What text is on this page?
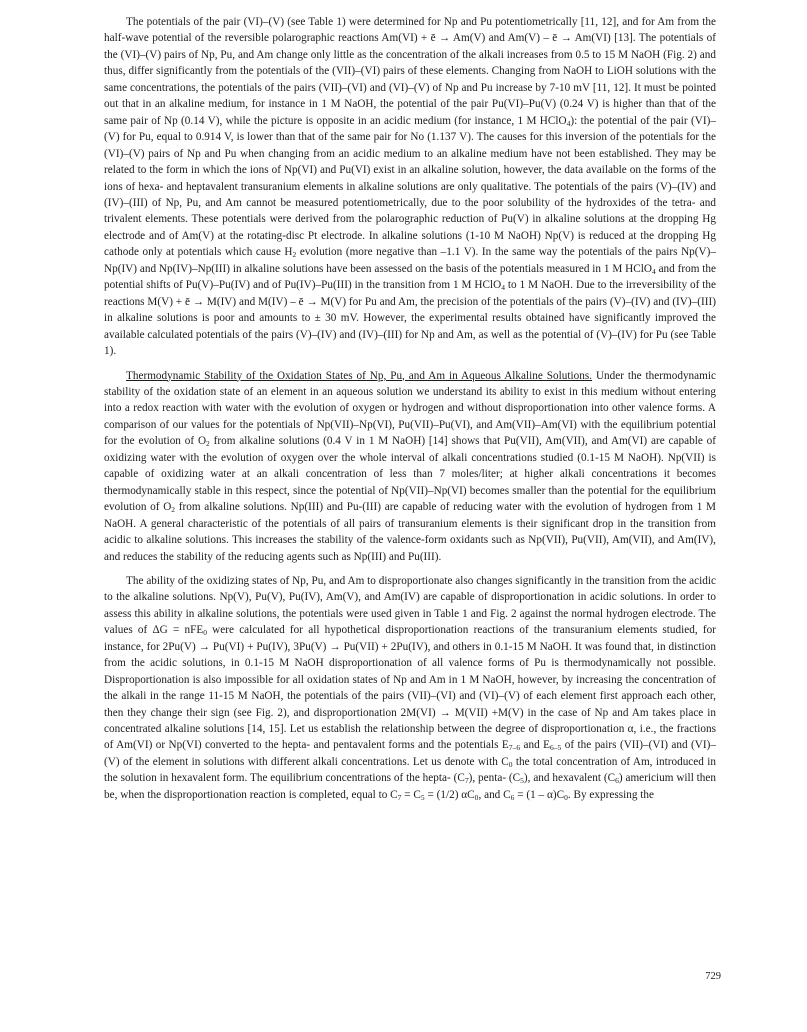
The potentials of the pair (VI)–(V) (see Table 1) were determined for Np and Pu potentiometrically [11, 12], and for Am from the half-wave potential of the reversible polarographic reactions Am(VI) + ē → Am(V) and Am(V) – ē → Am(VI) [13]. The potentials of the (VI)–(V) pairs of Np, Pu, and Am change only little as the concentration of the alkali increases from 0.5 to 15 M NaOH (Fig. 2) and thus, differ significantly from the potentials of the (VII)–(VI) pairs of these elements. Changing from NaOH to LiOH solutions with the same concentrations, the potentials of the pairs (VII)–(VI) and (VI)–(V) of Np and Pu increase by 7-10 mV [11, 12]. It must be pointed out that in an alkaline medium, for instance in 1 M NaOH, the potential of the pair Pu(VI)–Pu(V) (0.24 V) is higher than that of the same pair of Np (0.14 V), while the picture is opposite in an acidic medium (for instance, 1 M HClO$_4$): the potential of the pair (VI)–(V) for Pu, equal to 0.914 V, is lower than that of the same pair for No (1.137 V). The causes for this inversion of the potentials for the (VI)–(V) pairs of Np and Pu when changing from an acidic medium to an alkaline medium have not been established. They may be related to the form in which the ions of Np(VI) and Pu(VI) exist in an alkaline solution, however, the data available on the forms of the ions of hexa- and heptavalent transuranium elements in alkaline solutions are only qualitative. The potentials of the pairs (V)–(IV) and (IV)–(III) of Np, Pu, and Am cannot be measured potentiometrically, due to the poor solubility of the hydroxides of the tetra- and trivalent elements. These potentials were derived from the polarographic reduction of Pu(V) in alkaline solutions at the dropping Hg electrode and of Am(V) at the rotating-disc Pt electrode. In alkaline solutions (1-10 M NaOH) Np(V) is reduced at the dropping Hg cathode only at potentials which cause $H_2$ evolution (more negative than –1.1 V). In the same way the potentials of the pairs Np(V)–Np(IV) and Np(IV)–Np(III) in alkaline solutions have been assessed on the basis of the potentials measured in 1 M HClO$_4$ and from the potential shifts of Pu(V)–Pu(IV) and of Pu(IV)–Pu(III) in the transition from 1 M HClO$_4$ to 1 M NaOH. Due to the irreversibility of the reactions M(V) + ē → M(IV) and M(IV) – ē → M(V) for Pu and Am, the precision of the potentials of the pairs (V)–(IV) and (IV)–(III) in alkaline solutions is poor and amounts to ± 30 mV. However, the experimental results obtained have significantly improved the available calculated potentials of the pairs (V)–(IV) and (IV)–(III) for Np and Am, as well as the potential of (V)–(IV) for Pu (see Table 1).

Thermodynamic Stability of the Oxidation States of Np, Pu, and Am in Aqueous Alkaline Solutions. Under the thermodynamic stability of the oxidation state of an element in an aqueous solution we understand its ability to exist in this medium without entering into a redox reaction with water with the evolution of oxygen or hydrogen and without disproportionation into other valence forms. A comparison of our values for the potentials of Np(VII)–Np(VI), Pu(VII)–Pu(VI), and Am(VII)–Am(VI) with the equilibrium potential for the evolution of $O_2$ from alkaline solutions (0.4 V in 1 M NaOH) [14] shows that Pu(VII), Am(VII), and Am(VI) are capable of oxidizing water with the evolution of oxygen over the whole interval of alkali concentrations studied (0.1-15 M NaOH). Np(VII) is capable of oxidizing water at an alkali concentration of less than 7 moles/liter; at higher alkali concentrations it becomes thermodynamically stable in this respect, since the potential of Np(VII)–Np(VI) becomes smaller than the potential for the equilibrium evolution of $O_2$ from alkaline solutions. Np(III) and Pu-(III) are capable of reducing water with the evolution of hydrogen from 1 M NaOH. A general characteristic of the potentials of all pairs of transuranium elements is their significant drop in the transition from acidic to alkaline solutions. This increases the stability of the valence-form oxidants such as Np(VII), Pu(VII), Am(VII), and Am(IV), and reduces the stability of the reducing agents such as Np(III) and Pu(III).

The ability of the oxidizing states of Np, Pu, and Am to disproportionate also changes significantly in the transition from the acidic to the alkaline solutions. Np(V), Pu(V), Pu(IV), Am(V), and Am(IV) are capable of disproportionation in acidic solutions. In order to assess this ability in alkaline solutions, the potentials were used given in Table 1 and Fig. 2 against the normal hydrogen electrode. The values of ΔG = nFE$_0$ were calculated for all hypothetical disproportionation reactions of the transuranium elements studied, for instance, for 2Pu(V) → Pu(VI) + Pu(IV), 3Pu(V) → Pu(VII) + 2Pu(IV), and others in 0.1-15 M NaOH. It was found that, in distinction from the acidic solutions, in 0.1-15 M NaOH disproportionation of all valence forms of Pu is thermodynamically not possible. Disproportionation is also impossible for all oxidation states of Np and Am in 1 M NaOH, however, by increasing the concentration of the alkali in the range 11-15 M NaOH, the potentials of the pairs (VII)–(VI) and (VI)–(V) of each element first approach each other, then they change their sign (see Fig. 2), and disproportionation 2M(VI) → M(VII) +M(V) in the case of Np and Am takes place in concentrated alkaline solutions [14, 15]. Let us establish the relationship between the degree of disproportionation α, i.e., the fractions of Am(VI) or Np(VI) converted to the hepta- and pentavalent forms and the potentials $E_{7-6}$ and $E_{6-5}$ of the pairs (VII)–(VI) and (VI)–(V) of the element in solutions with different alkali concentrations. Let us denote with $C_0$ the total concentration of Am, introduced in the solution in hexavalent form. The equilibrium concentrations of the hepta- $(C_7)$, penta- $(C_5)$, and hexavalent $(C_6)$ americium will then be, when the disproportionation reaction is completed, equal to $C_7 = C_5 = (1/2)$ $\alpha C_0$, and $C_6 = (1 - \alpha)C_0$. By expressing the

729
